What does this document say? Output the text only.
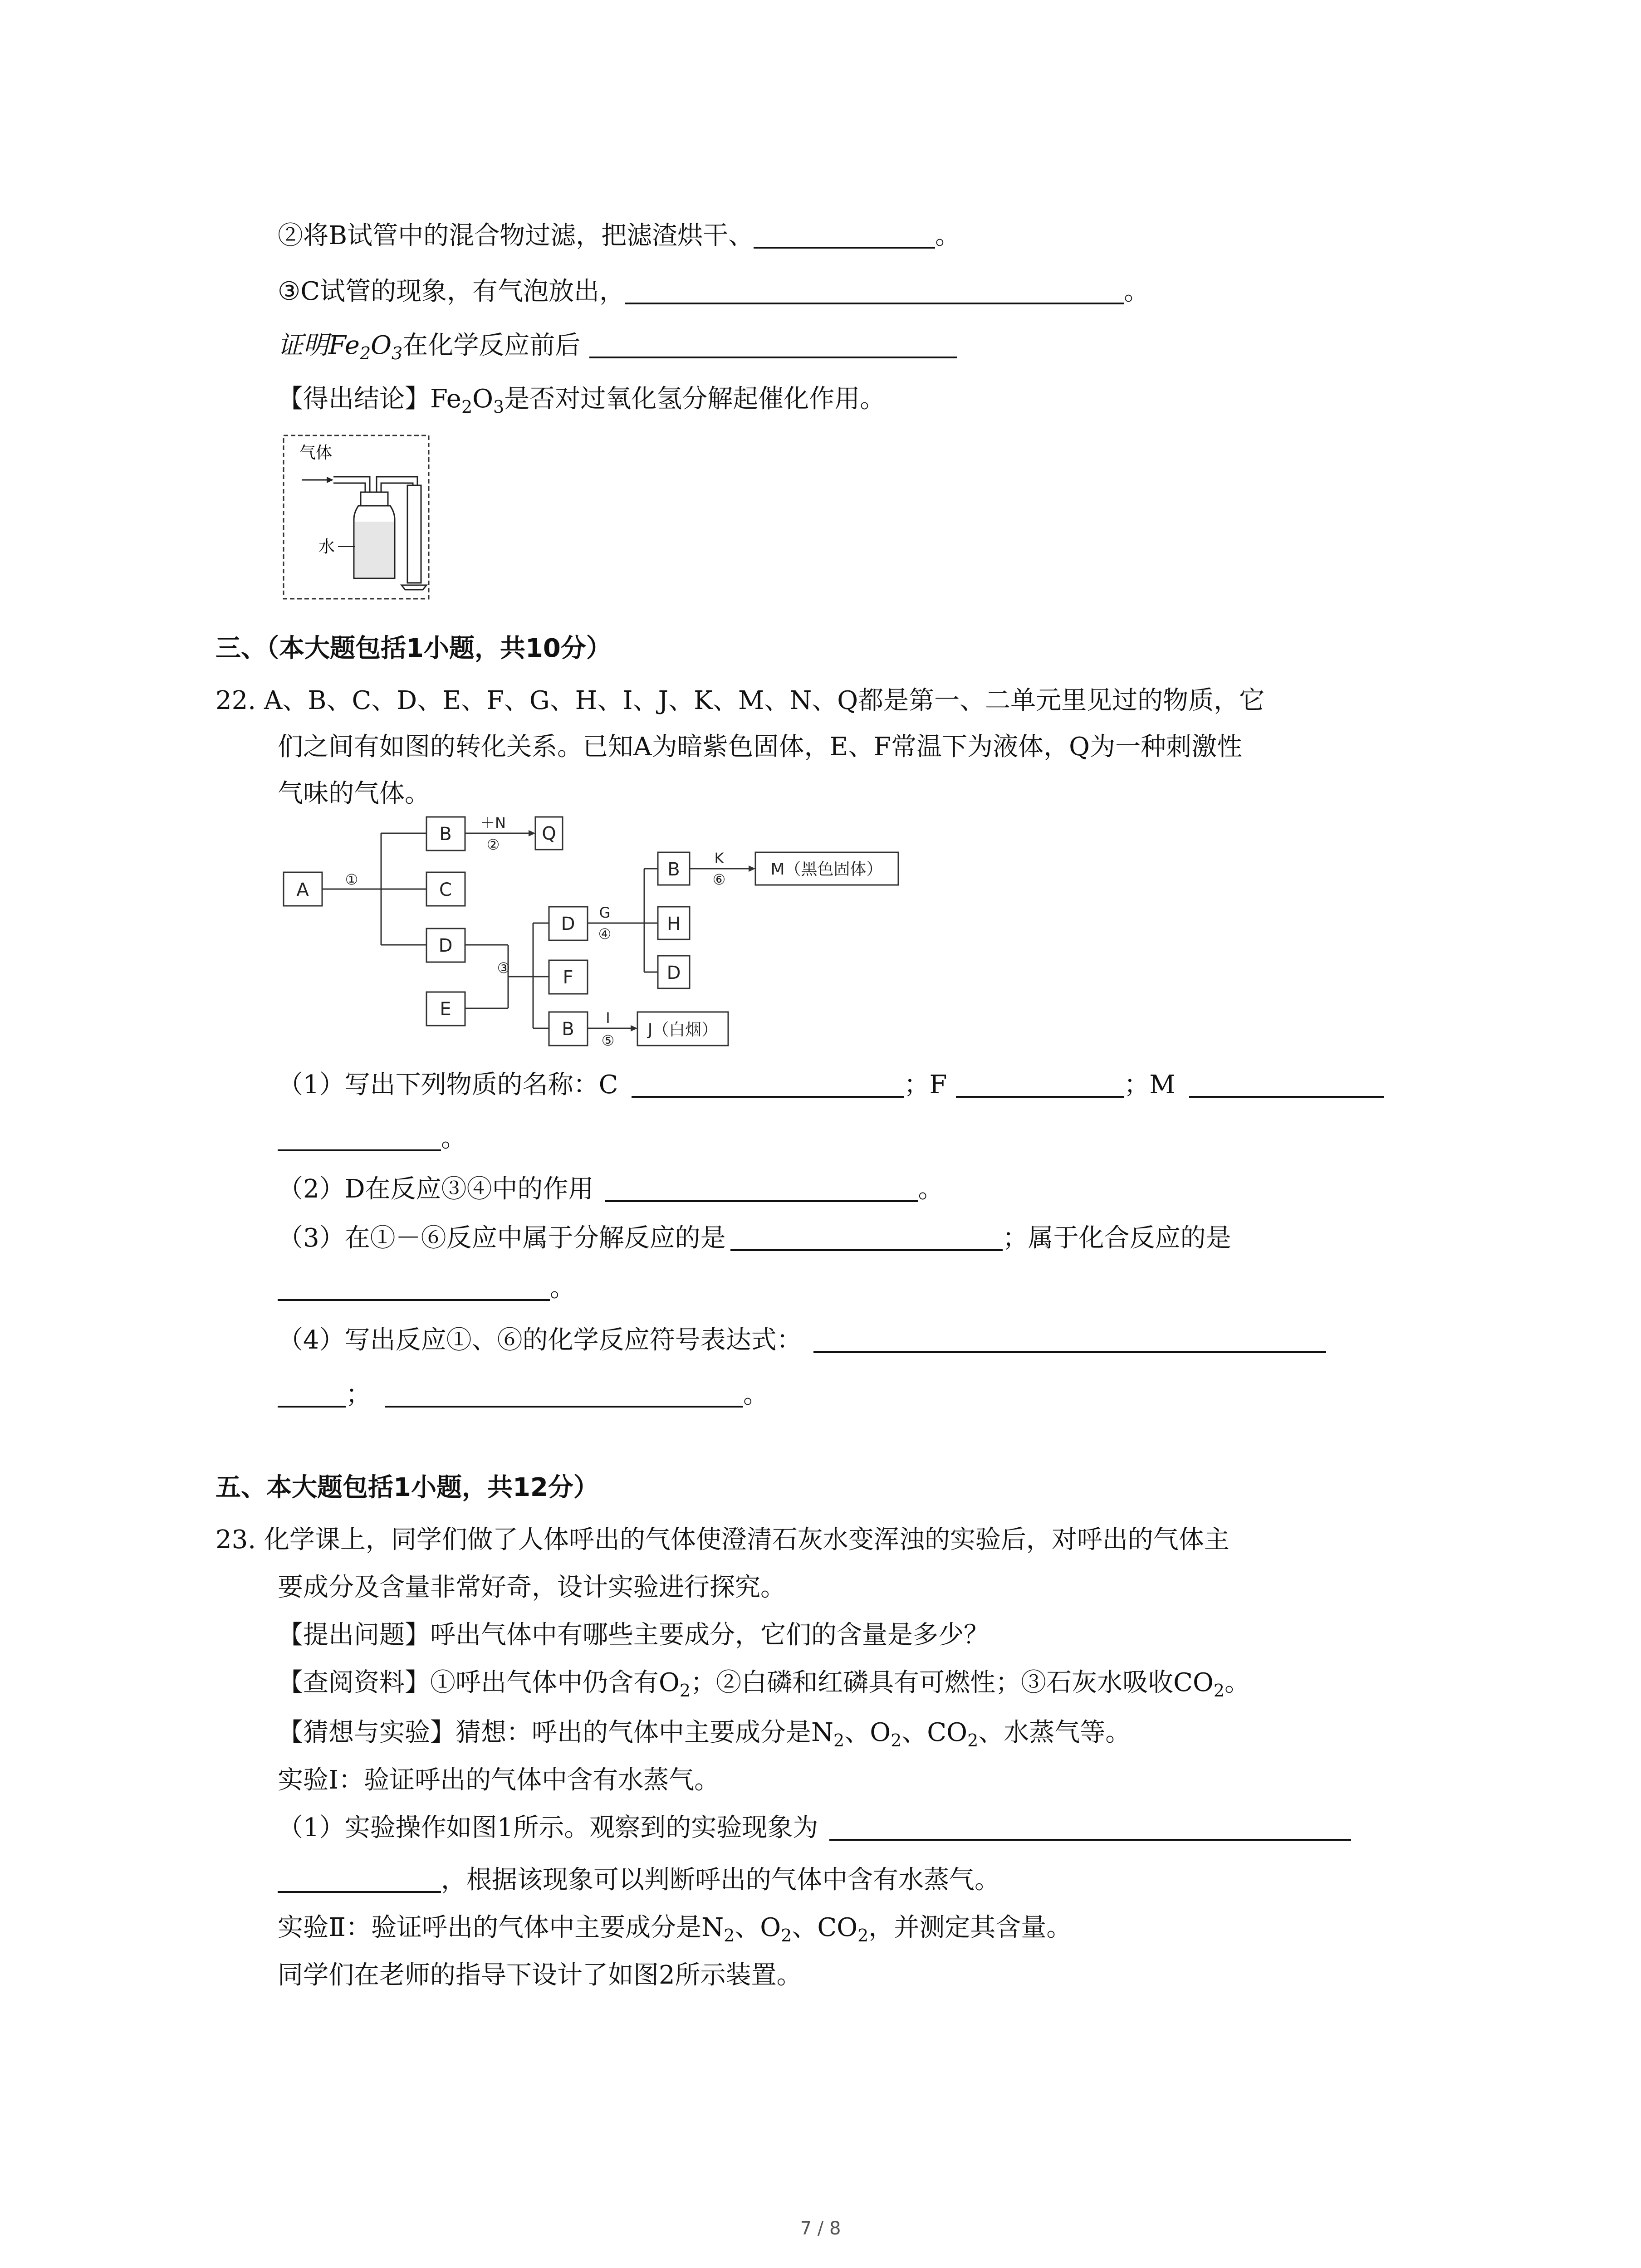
②将B试管中的混合物过滤，把滤渣烘干、	。
③C试管的现象，有气泡放出，	。
证明$Fe_2O_3$在化学反应前后
【得出结论】$Fe_2O_3$是否对过氧化氢分解起催化作用。
气体
水
三、（本大题包括1小题，共10分）
22. A、B、C、D、E、F、G、H、I、J、K、M、N、Q都是第一、二单元里见过的物质，它
们之间有如图的转化关系。已知A为暗紫色固体，E、F常温下为液体，Q为一种刺激性
气味的气体。
A
B	Q
C
D
E
D
F
B	J（白烟）
B
H
D
M（黑色固体）
①
＋N
②
③
G
④
I
⑤
K
⑥
（1）写出下列物质的名称：C	；F	；M
。
（2）D在反应③④中的作用	。
（3）在①－⑥反应中属于分解反应的是	；属于化合反应的是
。
（4）写出反应①、⑥的化学反应符号表达式：
；	。
五、本大题包括1小题，共12分）
23. 化学课上，同学们做了人体呼出的气体使澄清石灰水变浑浊的实验后，对呼出的气体主
要成分及含量非常好奇，设计实验进行探究。
【提出问题】呼出气体中有哪些主要成分，它们的含量是多少？
【查阅资料】①呼出气体中仍含有$O_2$；②白磷和红磷具有可燃性；③石灰水吸收$CO_2$。
【猜想与实验】猜想：呼出的气体中主要成分是$N_2$、$O_2$、$CO_2$、水蒸气等。
实验Ⅰ：验证呼出的气体中含有水蒸气。
（1）实验操作如图1所示。观察到的实验现象为
，根据该现象可以判断呼出的气体中含有水蒸气。
实验Ⅱ：验证呼出的气体中主要成分是$N_2$、$O_2$、$CO_2$，并测定其含量。
同学们在老师的指导下设计了如图2所示装置。
7 / 8
